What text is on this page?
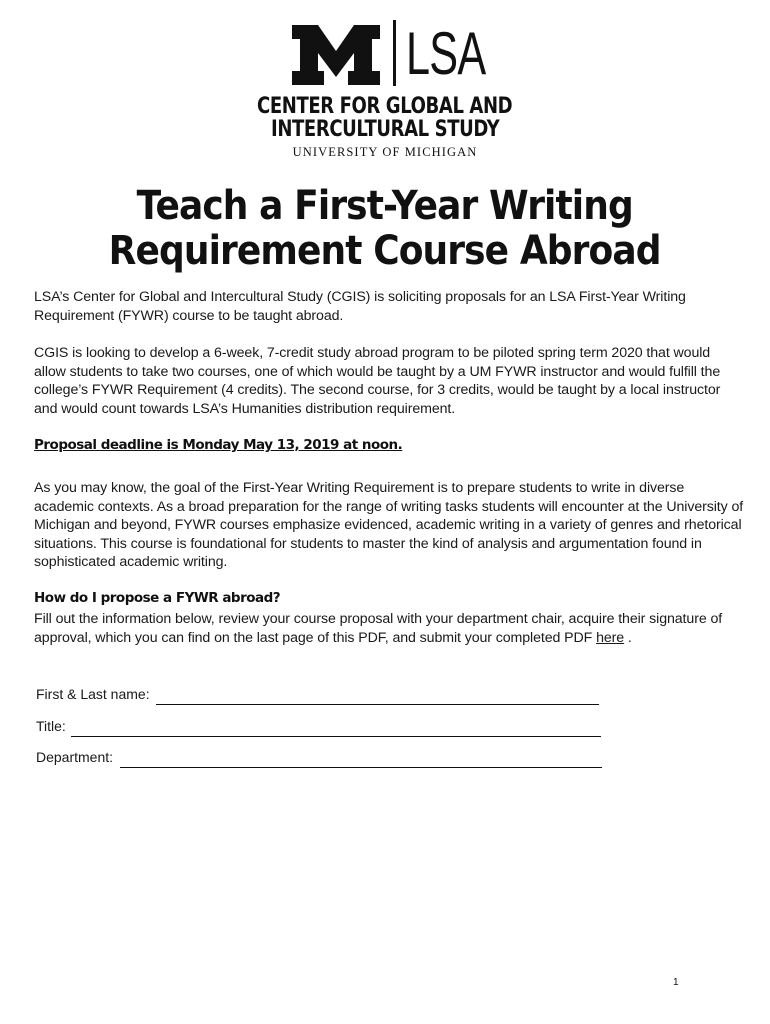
LSA
CENTER FOR GLOBAL AND
INTERCULTURAL STUDY
UNIVERSITY OF MICHIGAN
Teach a First-Year Writing
Requirement Course Abroad
LSA’s Center for Global and Intercultural Study (CGIS) is soliciting proposals for an LSA First-Year Writing Requirement (FYWR) course to be taught abroad.
CGIS is looking to develop a 6-week, 7-credit study abroad program to be piloted spring term 2020 that would allow students to take two courses, one of which would be taught by a UM FYWR instructor and would fulfill the college’s FYWR Requirement (4 credits). The second course, for 3 credits, would be taught by a local instructor and would count towards LSA’s Humanities distribution requirement.
Proposal deadline is Monday May 13, 2019 at noon.
As you may know, the goal of the First-Year Writing Requirement is to prepare students to write in diverse academic contexts. As a broad preparation for the range of writing tasks students will encounter at the University of Michigan and beyond, FYWR courses emphasize evidenced, academic writing in a variety of genres and rhetorical situations. This course is foundational for students to master the kind of analysis and argumentation found in sophisticated academic writing.
How do I propose a FYWR abroad?
Fill out the information below, review your course proposal with your department chair, acquire their signature of approval, which you can find on the last page of this PDF, and submit your completed PDF here .
First & Last name:
Title:
Department:
1
